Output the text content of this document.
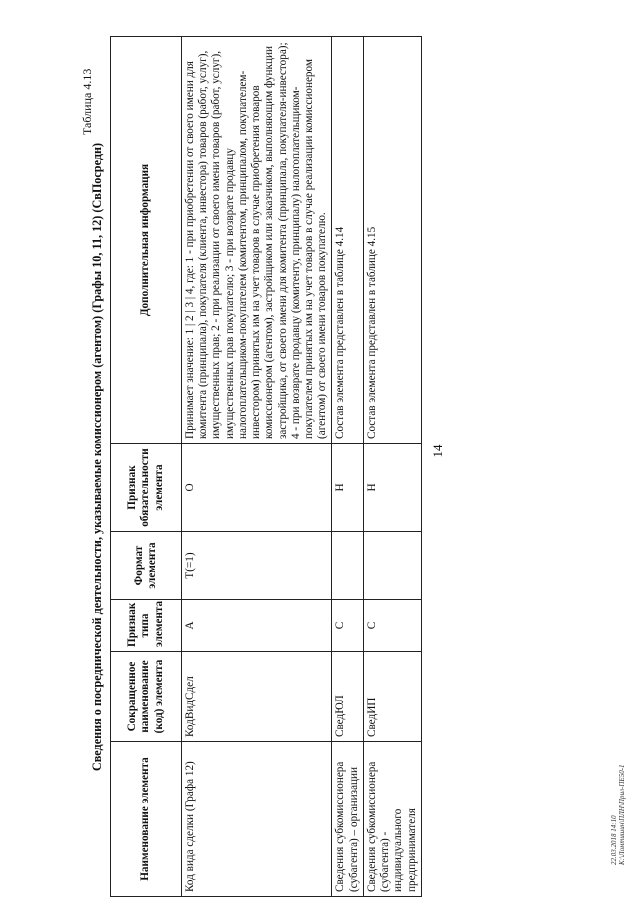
14
Таблица 4.13
Сведения о посреднической деятельности, указываемые комиссионером (агентом) (Графы 10, 11, 12) (СвПосредн)
Наименование элемента	Сокращенное наименование (код) элемента	Признак типа элемента	Формат элемента	Признак обязательности элемента	Дополнительная информация
Код вида сделки (Графа 12)	КодВидСдел	А	T(=1)	О	Принимает значение: 1 | 2 | 3 | 4, где: 1 - при приобретении от своего имени для комитента (принципала), покупателя (клиента, инвестора) товаров (работ, услуг), имущественных прав; 2 - при реализации от своего имени товаров (работ, услуг), имущественных прав покупателю; 3 - при возврате продавцу налогоплательщиком-покупателем (комитентом, принципалом, покупателем-инвестором) принятых им на учет товаров в случае приобретения товаров комиссионером (агентом), застройщиком или заказчиком, выполняющим функции застройщика, от своего имени для комитента (принципала, покупателя-инвестора); 4 - при возврате продавцу (комитенту, принципалу) налогоплательщиком-покупателем принятых им на учет товаров в случае реализации комиссионером (агентом) от своего имени товаров покупателю.
Сведения субкомиссионера (субагента) – организации	СведЮЛ	С		Н	Состав элемента представлен в таблице 4.14
Сведения субкомиссионера (субагента) - индивидуального предпринимателя	СведИП	С		Н	Состав элемента представлен в таблице 4.15
22.03.2018 14:10 К:\Ломтишин\ПЛН\Прил-ПЕ50-1
